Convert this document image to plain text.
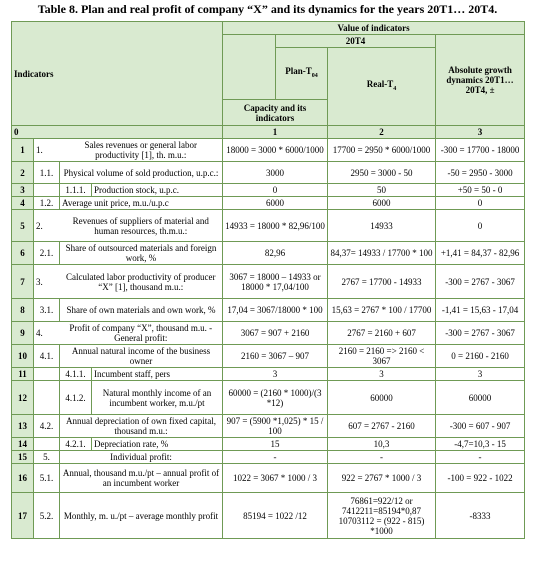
Table 8. Plan and real profit of company “X” and its dynamics for the years 20T1… 20T4.
Indicators				Value of indicators			
					20T4		Absolute growth dynamics 20T1…20T4, ±
					Plan-$T_{04}$	Real-$T_4$
				Capacity and its indicators			
0				1		2	3
1	1.	Sales revenues or general labor productivity [1], th. m.u.:		18000 = 3000 * 6000/1000		17700 = 2950 * 6000/1000	-300 = 17700 - 18000
2	1.1.	Physical volume of sold production, u.p.c.:		3000		2950 = 3000 - 50	-50 = 2950 - 3000
3		1.1.1.	Production stock, u.p.c.	0		50	+50 = 50 - 0
4	1.2.	Average unit price, m.u./u.p.c		6000		6000	0
5	2.	Revenues of suppliers of material and human resources, th.m.u.:		14933 = 18000 * 82,96/100		14933	0
6	2.1.	Share of outsourced materials and foreign work, %		82,96		84,37= 14933 / 17700 * 100	+1,41 = 84,37 - 82,96
7	3.	Calculated labor productivity of producer “X” [1], thousand m.u.:		3067 = 18000 – 14933 or 18000 * 17,04/100		2767 = 17700 - 14933	-300 = 2767 - 3067
8	3.1.	Share of own materials and own work, %		17,04 = 3067/18000 * 100		15,63 = 2767 * 100 / 17700	-1,41 = 15,63 - 17,04
9	4.	Profit of company “X”, thousand m.u. - General profit:		3067 = 907 + 2160		2767 = 2160 + 607	-300 = 2767 - 3067
10	4.1.	Annual natural income of the business owner		2160 = 3067 – 907		2160 = 2160 => 2160 < 3067	0 = 2160 - 2160
11		4.1.1.	Incumbent staff, pers	3		3	3
12		4.1.2.	Natural monthly income of an incumbent worker, m.u./pt	60000 = (2160 * 1000)/(3 *12)		60000	60000
13	4.2.	Annual depreciation of own fixed capital, thousand m.u.:		907 = (5900 *1,025) * 15 / 100		607 = 2767 - 2160	-300 = 607 - 907
14		4.2.1.	Depreciation rate, %	15		10,3	-4,7=10,3 - 15
15	5.	Individual profit:		-		-	-
16	5.1.	Annual, thousand m.u./pt – annual profit of an incumbent worker		1022 = 3067 * 1000 / 3		922 = 2767 * 1000 / 3	-100 = 922 - 1022
17	5.2.	Monthly, m. u./pt – average monthly profit		85194 = 1022 /12		76861=922/12 or 7412211=85194*0,87 10703112 = (922 - 815) *1000	-8333
